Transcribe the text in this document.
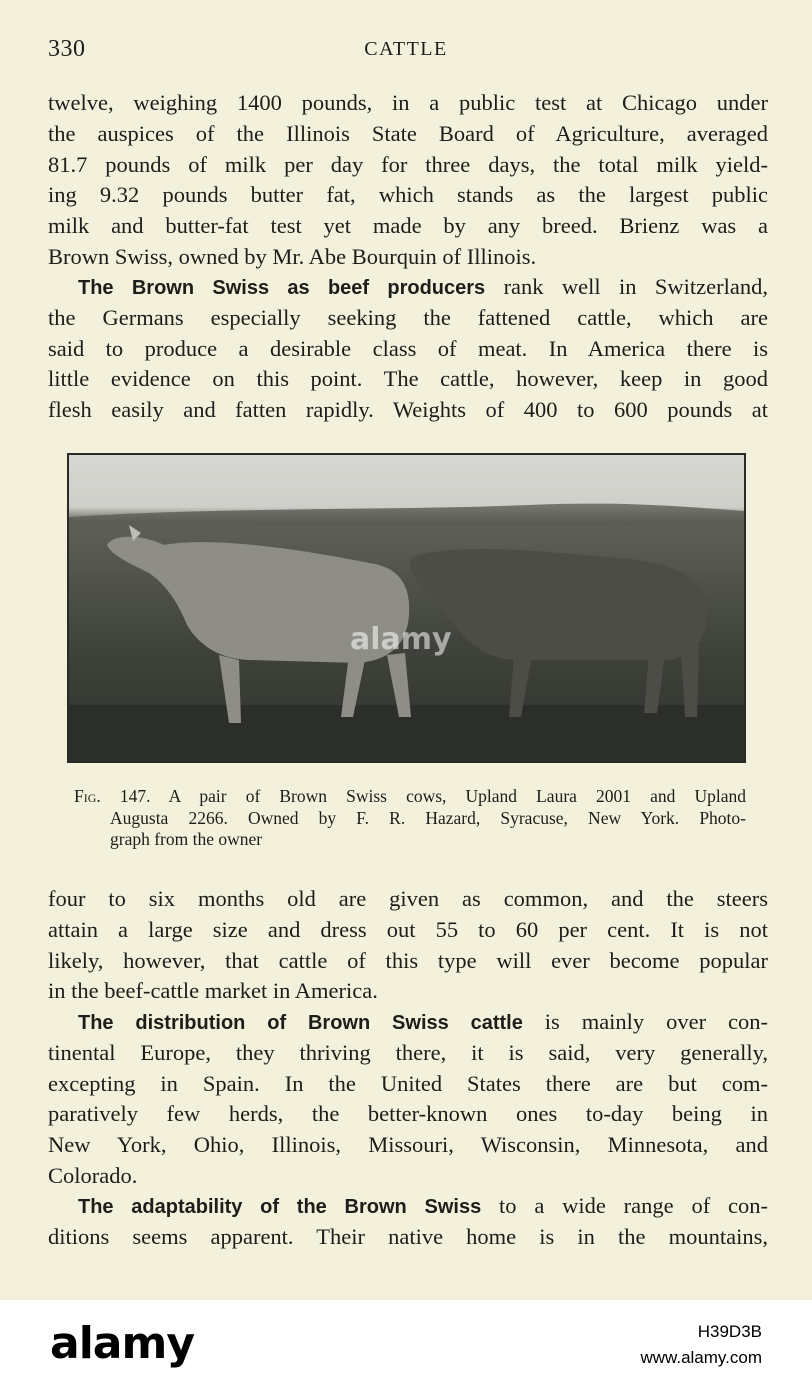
330	CATTLE
twelve, weighing 1400 pounds, in a public test at Chicago under
the auspices of the Illinois State Board of Agriculture, averaged
81.7 pounds of milk per day for three days, the total milk yield-
ing 9.32 pounds butter fat, which stands as the largest public
milk and butter-fat test yet made by any breed. Brienz was a
Brown Swiss, owned by Mr. Abe Bourquin of Illinois.
The Brown Swiss as beef producers rank well in Switzerland,
the Germans especially seeking the fattened cattle, which are
said to produce a desirable class of meat. In America there is
little evidence on this point. The cattle, however, keep in good
flesh easily and fatten rapidly. Weights of 400 to 600 pounds at
alamy
Fig. 147. A pair of Brown Swiss cows, Upland Laura 2001 and Upland
Augusta 2266. Owned by F. R. Hazard, Syracuse, New York. Photo-
graph from the owner
four to six months old are given as common, and the steers
attain a large size and dress out 55 to 60 per cent. It is not
likely, however, that cattle of this type will ever become popular
in the beef-cattle market in America.
The distribution of Brown Swiss cattle is mainly over con-
tinental Europe, they thriving there, it is said, very generally,
excepting in Spain. In the United States there are but com-
paratively few herds, the better-known ones to-day being in
New York, Ohio, Illinois, Missouri, Wisconsin, Minnesota, and
Colorado.
The adaptability of the Brown Swiss to a wide range of con-
ditions seems apparent. Their native home is in the mountains,
alamy	H39D3B
www.alamy.com
